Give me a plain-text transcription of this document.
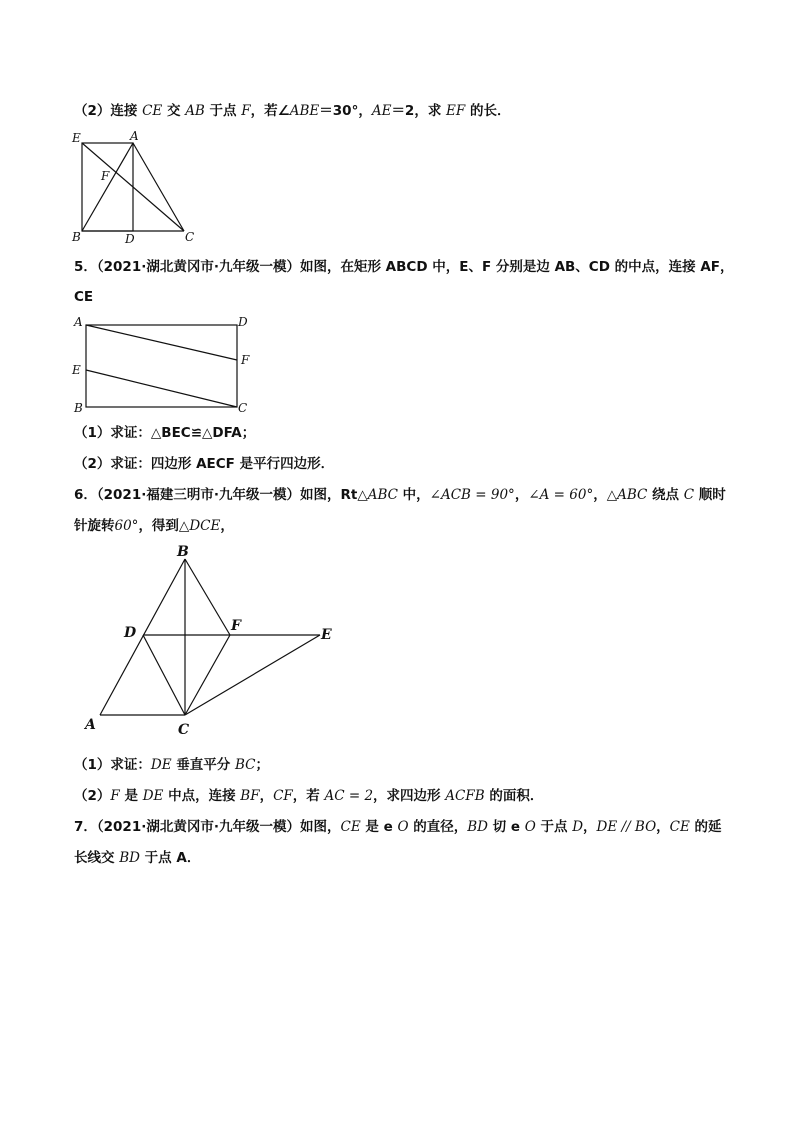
（2）连接 CE 交 AB 于点 F，若∠ABE＝30°，AE＝2，求 EF 的长．
E	A
F
B	D	C
5．（2021·湖北黄冈市·九年级一模）如图，在矩形 ABCD 中，E、F 分别是边 AB、CD 的中点，连接 AF，
CE
A	D
F
E
B	C
（1）求证：△BEC≌△DFA；
（2）求证：四边形 AECF 是平行四边形．
6．（2021·福建三明市·九年级一模）如图，Rt△ABC 中，∠ACB = 90°，∠A = 60°，△ABC 绕点 C 顺时
针旋转60°，得到△DCE，
B
D	F
E
A	C
（1）求证：DE 垂直平分 BC；
（2）F 是 DE 中点，连接 BF，CF，若 AC = 2，求四边形 ACFB 的面积．
7．（2021·湖北黄冈市·九年级一模）如图，CE 是 e O 的直径，BD 切 e O 于点 D，DE // BO，CE 的延
长线交 BD 于点 A．
